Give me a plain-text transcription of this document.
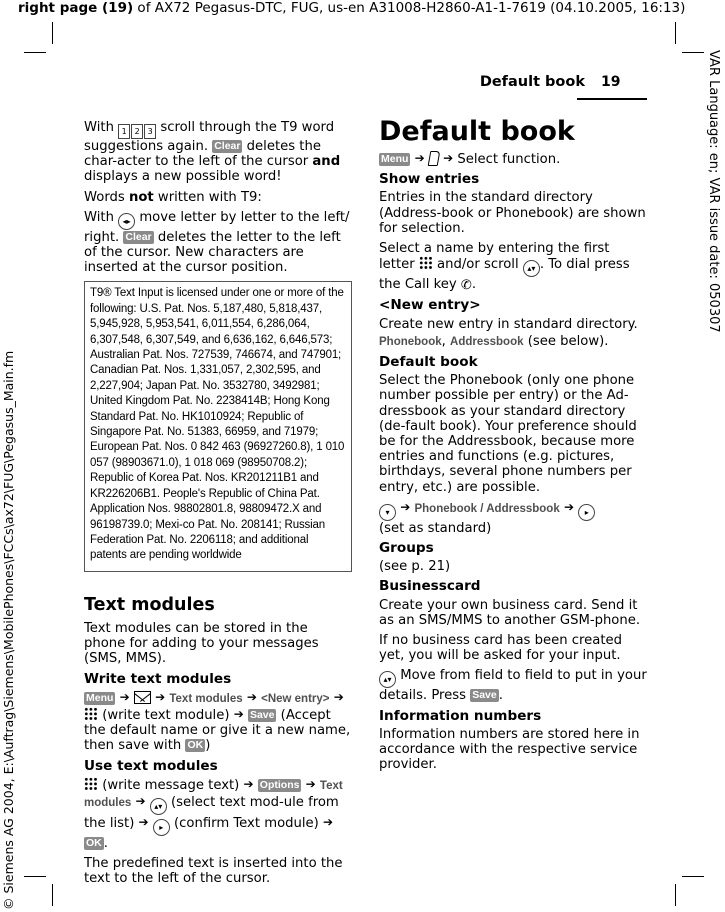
right page (19) of AX72 Pegasus-DTC, FUG, us-en A31008-H2860-A1-1-7619 (04.10.2005, 16:13)
© Siemens AG 2004, E:\Auftrag\Siemens\MobilePhones\FCCs\ax72\FUG\Pegasus_Main.fm
VAR Language: en; VAR issue date: 050307
Default book 19

With 1 2 3 scroll through the T9 word suggestions again. Clear deletes the char-acter to the left of the cursor and displays a new possible word!

Words not written with T9:

With ◂▸ move letter by letter to the left/ right. Clear deletes the letter to the left of the cursor. New characters are inserted at the cursor position.

T9® Text Input is licensed under one or more of the following: U.S. Pat. Nos. 5,187,480, 5,818,437, 5,945,928, 5,953,541, 6,011,554, 6,286,064, 6,307,548, 6,307,549, and 6,636,162, 6,646,573; Australian Pat. Nos. 727539, 746674, and 747901; Canadian Pat. Nos. 1,331,057, 2,302,595, and 2,227,904; Japan Pat. No. 3532780, 3492981; United Kingdom Pat. No. 2238414B; Hong Kong Standard Pat. No. HK1010924; Republic of Singapore Pat. No. 51383, 66959, and 71979; European Pat. Nos. 0 842 463 (96927260.8), 1 010 057 (98903671.0), 1 018 069 (98950708.2); Republic of Korea Pat. Nos. KR201211B1 and KR226206B1. People's Republic of China Pat. Application Nos. 98802801.8, 98809472.X and 96198739.0; Mexi-co Pat. No. 208141; Russian Federation Pat. No. 2206118; and additional patents are pending worldwide
Text modules

Text modules can be stored in the phone for adding to your messages (SMS, MMS).

Write text modules

Menu ➔ ➔ Text modules ➔ <New entry> ➔  (write text module) ➔ Save (Accept the default name or give it a new name, then save with OK )

Use text modules

(write message text) ➔ Options ➔ Text modules ➔ ▴▾ (select text mod-ule from the list) ➔ ▸ (confirm Text module) ➔ OK .

The predefined text is inserted into the text to the left of the cursor.

Default book

Menu ➔ ➔ Select function.

Show entries

Entries in the standard directory (Address-book or Phonebook) are shown for selection.

Select a name by entering the first letter  and/or scroll ▴▾ . To dial press the Call key ✆.

<New entry>

Create new entry in standard directory.

Phonebook, Addressbook (see below).

Default book

Select the Phonebook (only one phone number possible per entry) or the Ad-dressbook as your standard directory (de-fault book). Your preference should be for the Addressbook, because more entries and functions (e.g. pictures, birthdays, several phone numbers per entry, etc.) are possible.

▾ ➔ Phonebook / Addressbook ➔ ▸
(set as standard)

Groups

(see p. 21)

Businesscard

Create your own business card. Send it as an SMS/MMS to another GSM-phone.

If no business card has been created yet, you will be asked for your input.

▴▾ Move from field to field to put in your details. Press Save .

Information numbers

Information numbers are stored here in accordance with the respective service provider.
